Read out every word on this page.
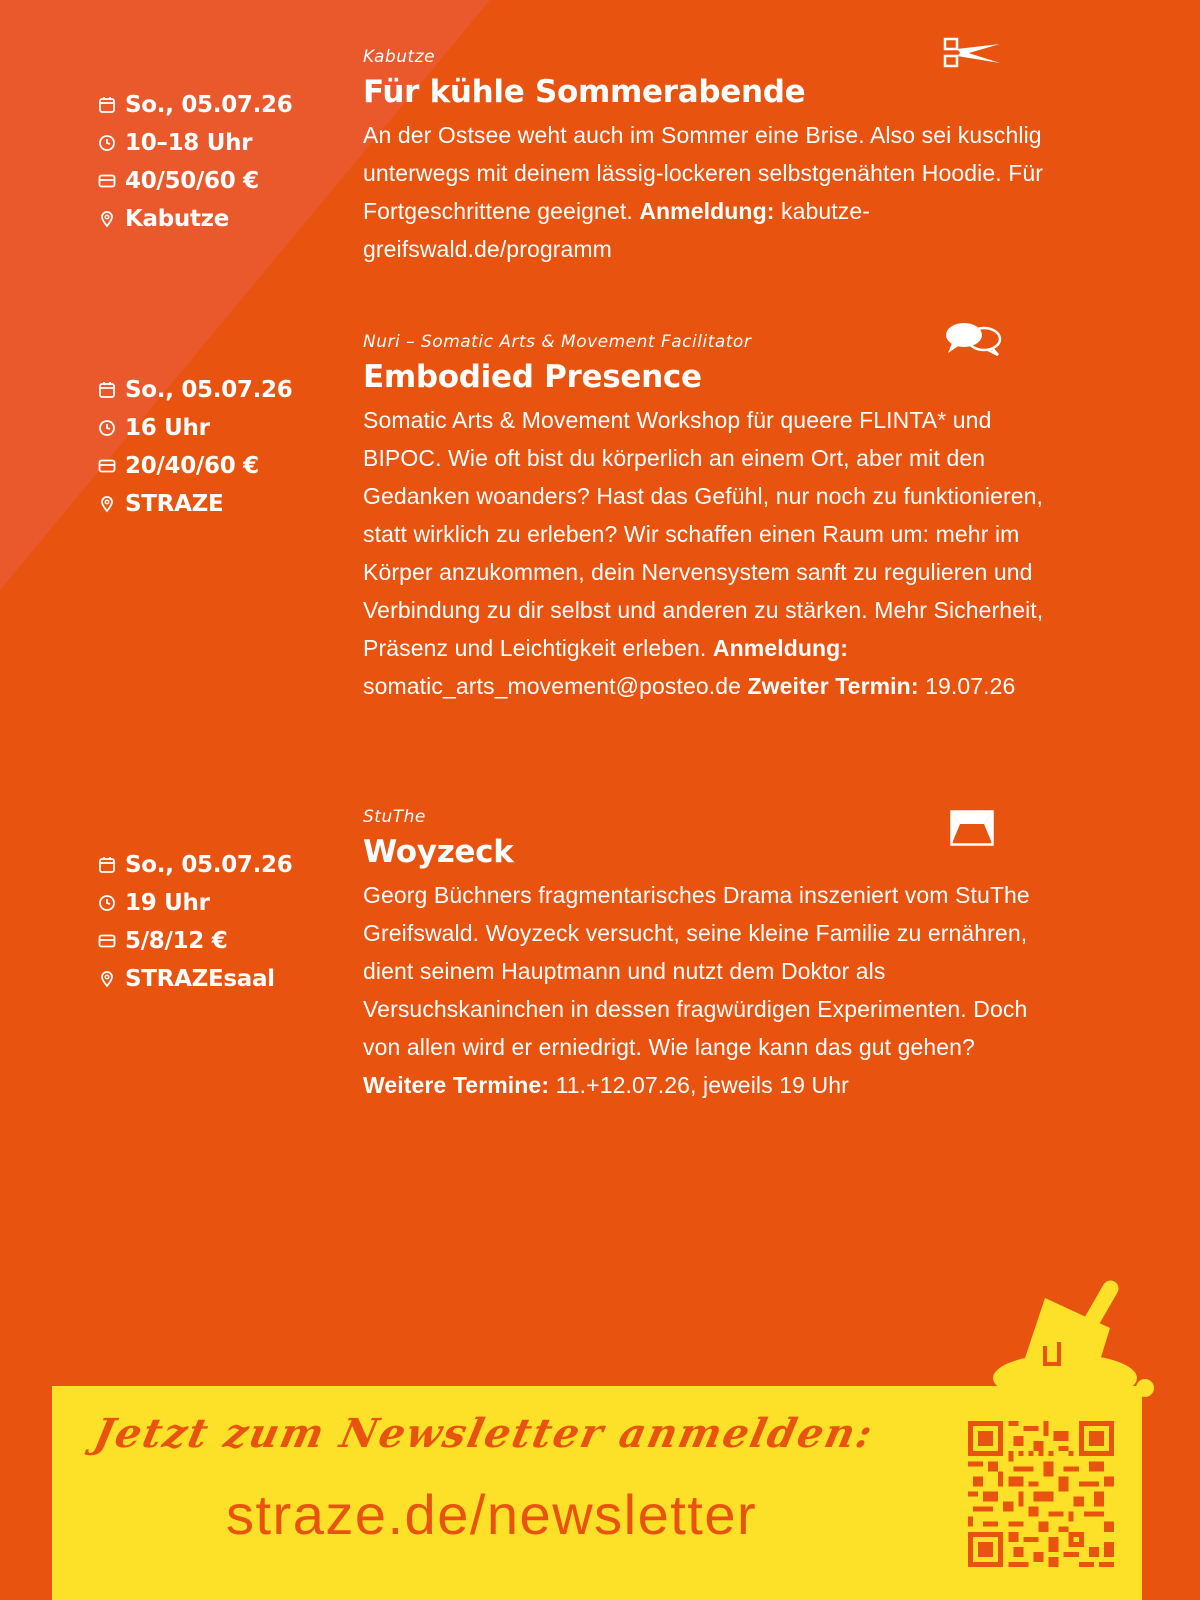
So., 05.07.26
10–18 Uhr
40/50/60 €
Kabutze
Kabutze
Für kühle Sommerabende
An der Ostsee weht auch im Sommer eine Brise. Also sei kuschlig unterwegs mit deinem lässig-lockeren selbstgenähten Hoodie. Für Fortgeschrittene geeignet. Anmeldung: kabutze-greifswald.de/programm
So., 05.07.26
16 Uhr
20/40/60 €
STRAZE
Nuri – Somatic Arts & Movement Facilitator
Embodied Presence
Somatic Arts & Movement Workshop für queere FLINTA* und BIPOC. Wie oft bist du körperlich an einem Ort, aber mit den Gedanken woanders? Hast das Gefühl, nur noch zu funktionieren, statt wirklich zu erleben? Wir schaffen einen Raum um: mehr im Körper anzukommen, dein Nervensystem sanft zu regulieren und Verbindung zu dir selbst und anderen zu stärken. Mehr Sicherheit, Präsenz und Leichtigkeit erleben. Anmeldung: somatic_arts_movement@posteo.de Zweiter Termin: 19.07.26
So., 05.07.26
19 Uhr
5/8/12 €
STRAZEsaal
StuThe
Woyzeck
Georg Büchners fragmentarisches Drama inszeniert vom StuThe Greifswald. Woyzeck versucht, seine kleine Familie zu ernähren, dient seinem Hauptmann und nutzt dem Doktor als Versuchskaninchen in dessen fragwürdigen Experimenten. Doch von allen wird er erniedrigt. Wie lange kann das gut gehen?
Weitere Termine: 11.+12.07.26, jeweils 19 Uhr
Jetzt zum Newsletter anmelden:
straze.de/newsletter
